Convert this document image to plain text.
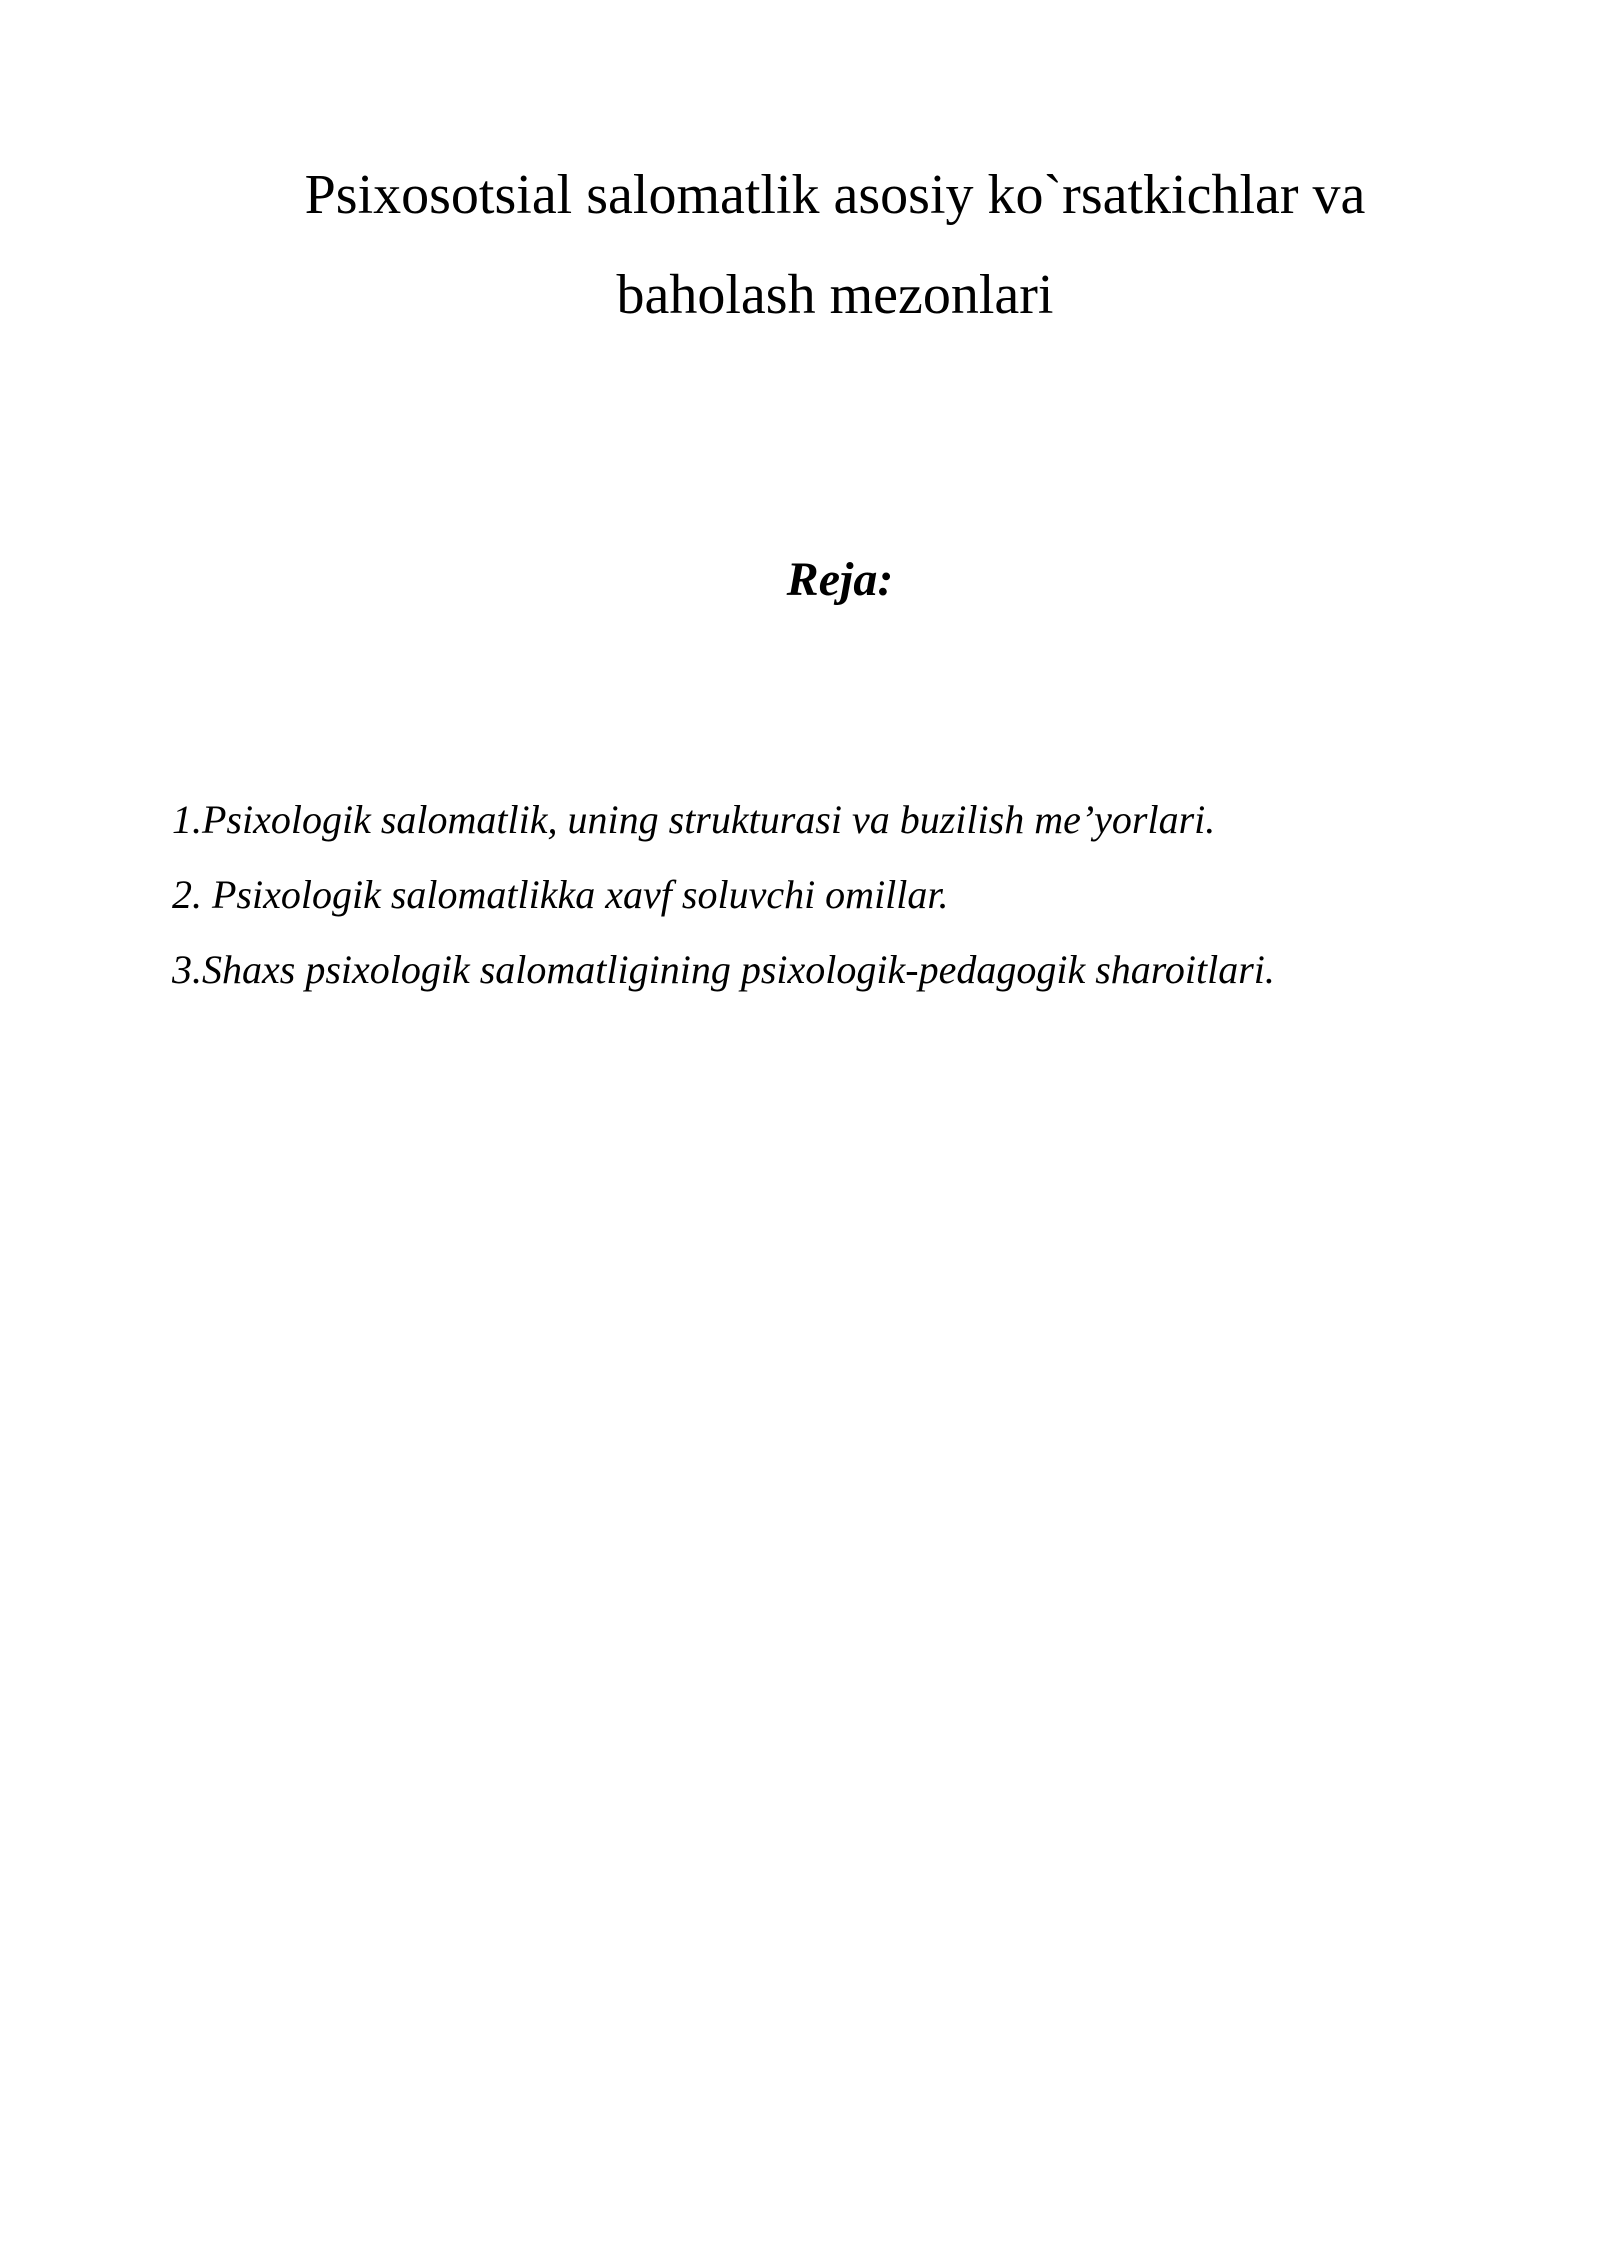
Psixosotsial salomatlik asosiy ko`rsatkichlar va
baholash mezonlari
Reja:
1.Psixologik salomatlik, uning strukturasi va buzilish me’yorlari.
2. Psixologik salomatlikka xavf soluvchi omillar.
3.Shaxs psixologik salomatligining psixologik-pedagogik sharoitlari.
